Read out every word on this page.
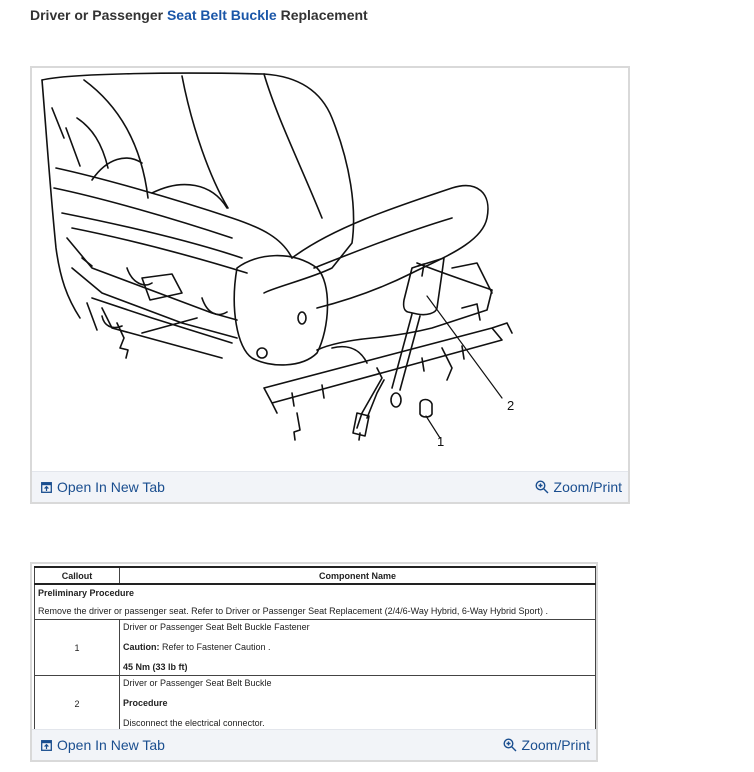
Driver or Passenger Seat Belt Buckle Replacement
1
2
Open In New Tab	Zoom/Print
Callout	Component Name
Preliminary Procedure	
Remove the driver or passenger seat. Refer to Driver or Passenger Seat Replacement (2/4/6-Way Hybrid, 6-Way Hybrid Sport) .	
1	Driver or Passenger Seat Belt Buckle Fastener
Caution: Refer to Fastener Caution .
45 Nm (33 lb ft)

2	Driver or Passenger Seat Belt Buckle
Procedure
Disconnect the electrical connector.
Open In New Tab	Zoom/Print
